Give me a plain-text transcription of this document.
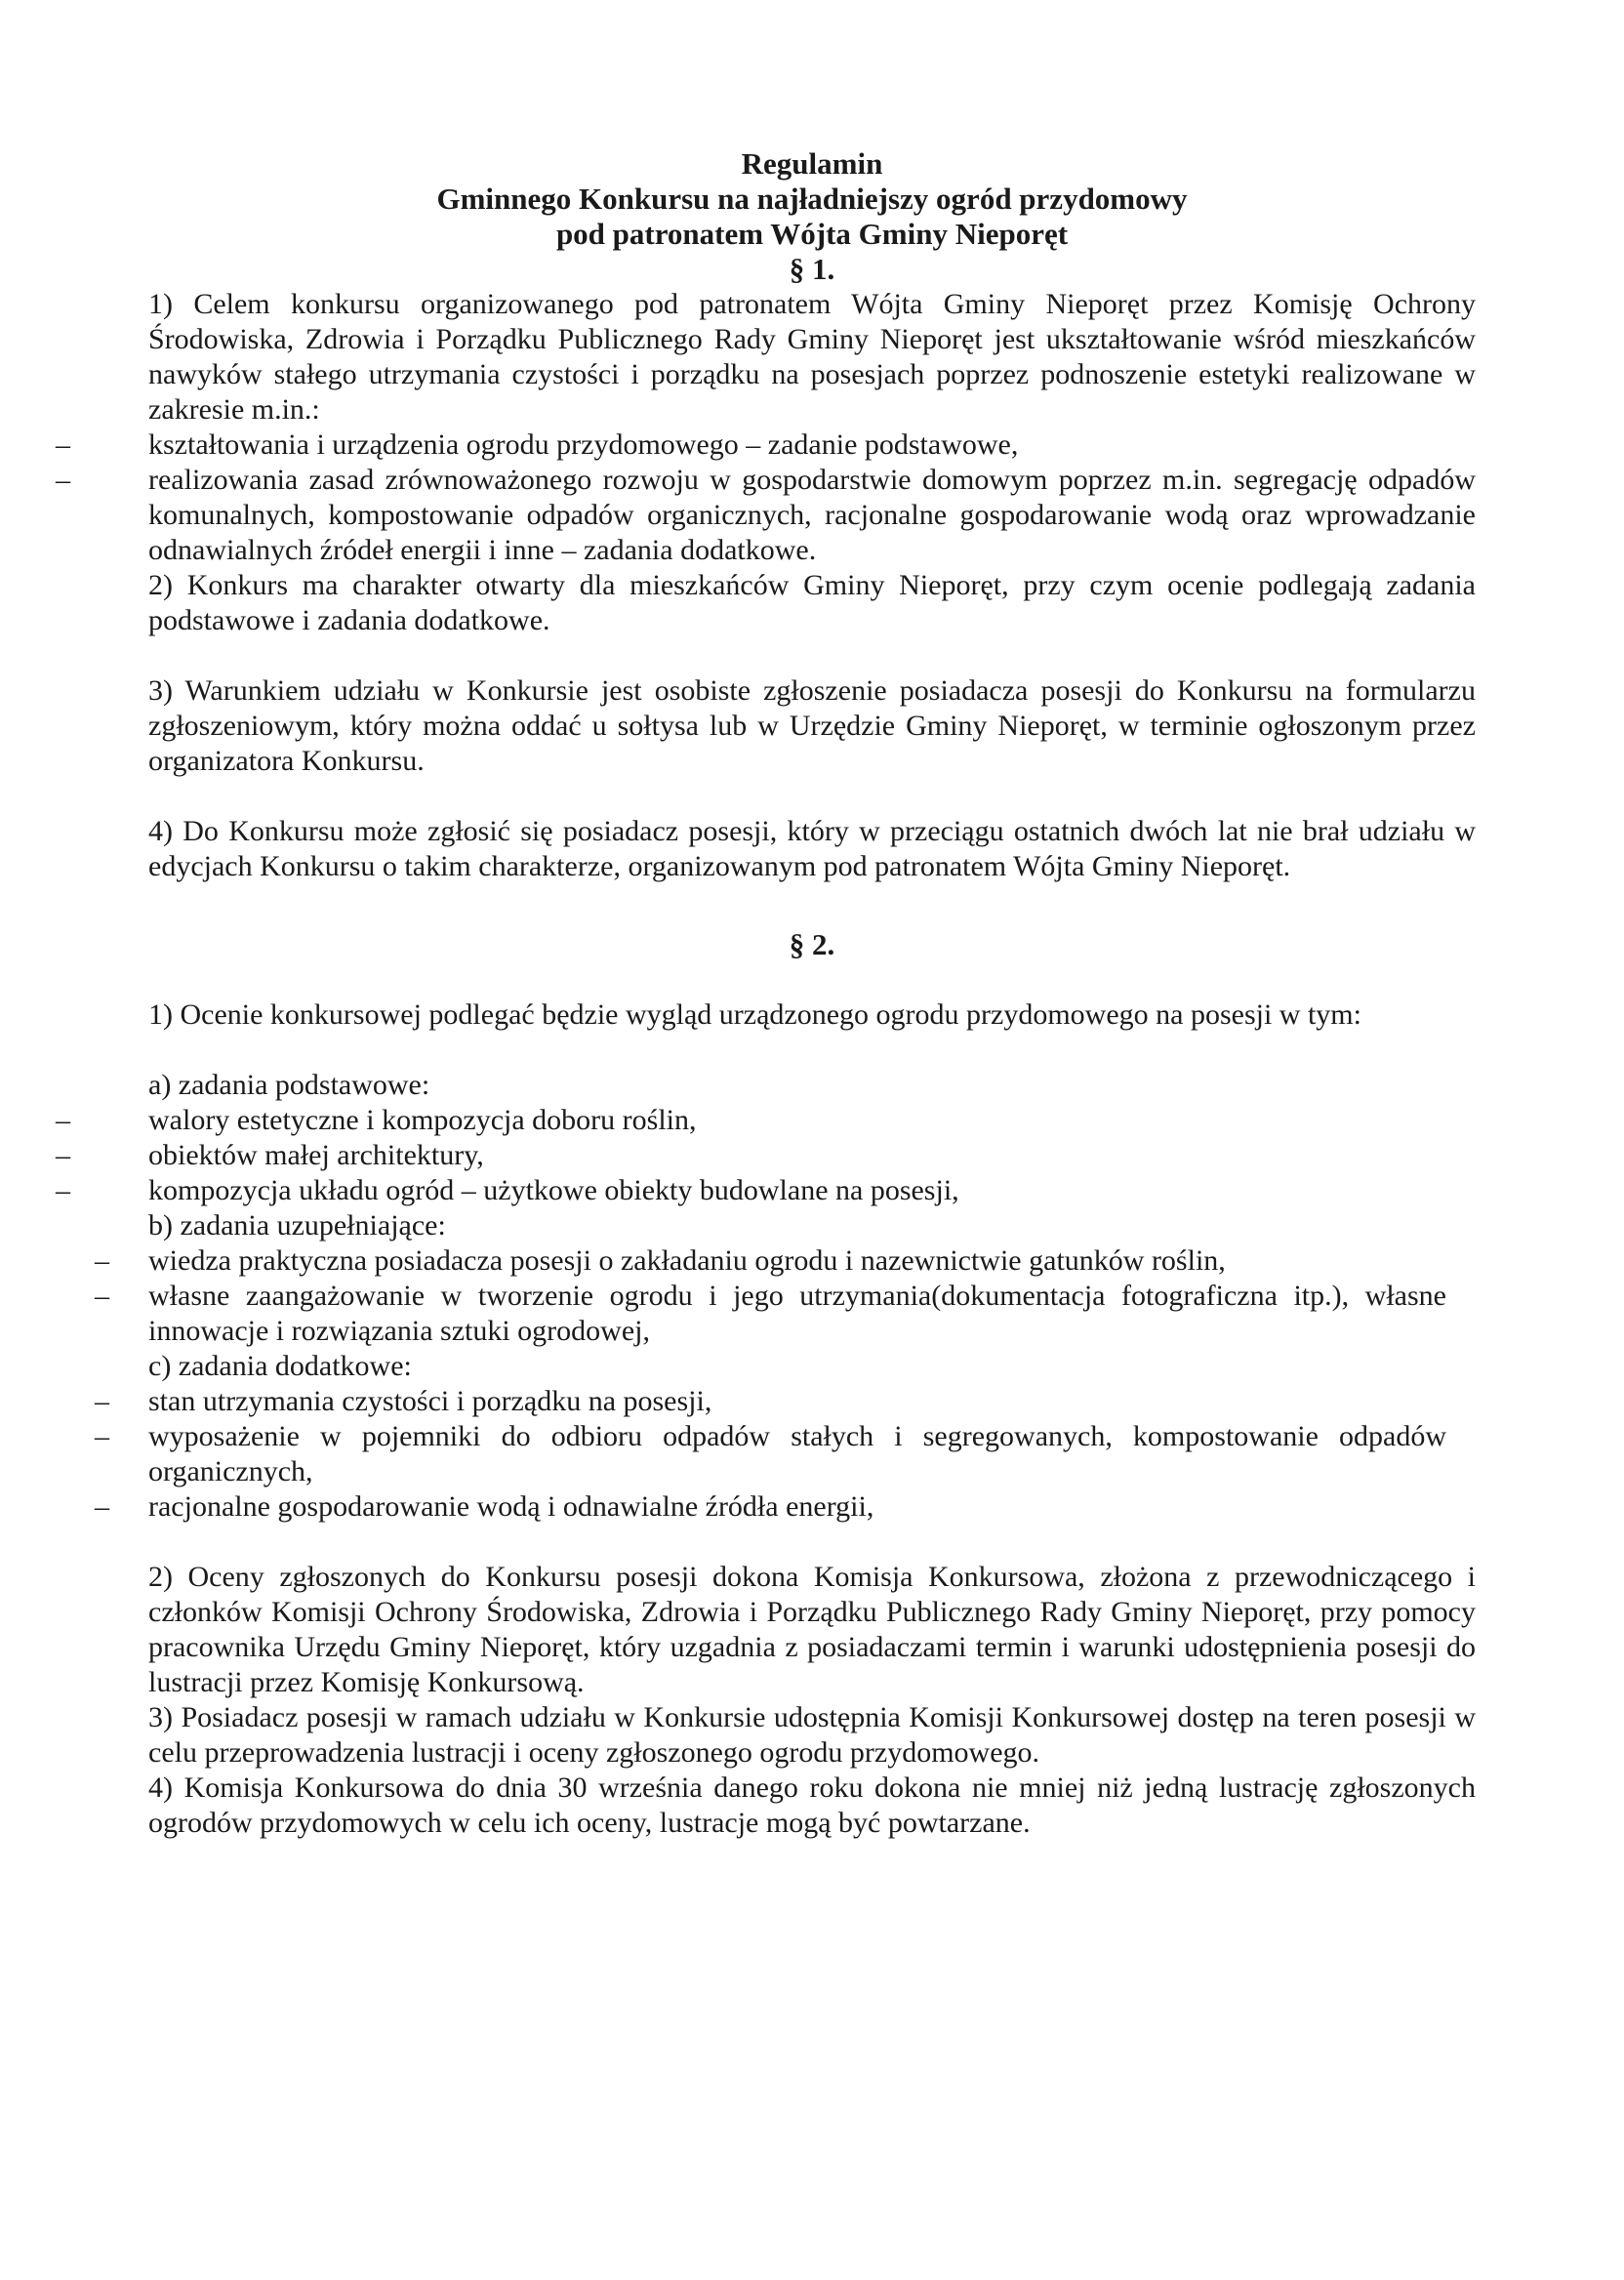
Regulamin
Gminnego Konkursu na najładniejszy ogród przydomowy
pod patronatem Wójta Gminy Nieporęt
§ 1.

1) Celem konkursu organizowanego pod patronatem Wójta Gminy Nieporęt przez Komisję Ochrony Środowiska, Zdrowia i Porządku Publicznego Rady Gminy Nieporęt jest ukształtowanie wśród mieszkańców nawyków stałego utrzymania czystości i porządku na posesjach poprzez podnoszenie estetyki realizowane w zakresie m.in.:

– kształtowania i urządzenia ogrodu przydomowego – zadanie podstawowe,
– realizowania zasad zrównoważonego rozwoju w gospodarstwie domowym poprzez m.in. segregację odpadów komunalnych, kompostowanie odpadów organicznych, racjonalne gospodarowanie wodą oraz wprowadzanie odnawialnych źródeł energii i inne – zadania dodatkowe.

2) Konkurs ma charakter otwarty dla mieszkańców Gminy Nieporęt, przy czym ocenie podlegają zadania podstawowe i zadania dodatkowe.

3) Warunkiem udziału w Konkursie jest osobiste zgłoszenie posiadacza posesji do Konkursu na formularzu zgłoszeniowym, który można oddać u sołtysa lub w Urzędzie Gminy Nieporęt, w terminie ogłoszonym przez organizatora Konkursu.

4) Do Konkursu może zgłosić się posiadacz posesji, który w przeciągu ostatnich dwóch lat nie brał udziału w edycjach Konkursu o takim charakterze, organizowanym pod patronatem Wójta Gminy Nieporęt.

§ 2.

1) Ocenie konkursowej podlegać będzie wygląd urządzonego ogrodu przydomowego na posesji w tym:

a) zadania podstawowe:

– walory estetyczne i kompozycja doboru roślin,
– obiektów małej architektury,
– kompozycja układu ogród – użytkowe obiekty budowlane na posesji,

b) zadania uzupełniające:

– wiedza praktyczna posiadacza posesji o zakładaniu ogrodu i nazewnictwie gatunków roślin,
– własne zaangażowanie w tworzenie ogrodu i jego utrzymania(dokumentacja fotograficzna itp.), własne innowacje i rozwiązania sztuki ogrodowej,

c) zadania dodatkowe:

– stan utrzymania czystości i porządku na posesji,
– wyposażenie w pojemniki do odbioru odpadów stałych i segregowanych, kompostowanie odpadów organicznych,
– racjonalne gospodarowanie wodą i odnawialne źródła energii,

2) Oceny zgłoszonych do Konkursu posesji dokona Komisja Konkursowa, złożona z przewodniczącego i członków Komisji Ochrony Środowiska, Zdrowia i Porządku Publicznego Rady Gminy Nieporęt, przy pomocy pracownika Urzędu Gminy Nieporęt, który uzgadnia z posiadaczami termin i warunki udostępnienia posesji do lustracji przez Komisję Konkursową.

3) Posiadacz posesji w ramach udziału w Konkursie udostępnia Komisji Konkursowej dostęp na teren posesji w celu przeprowadzenia lustracji i oceny zgłoszonego ogrodu przydomowego.

4) Komisja Konkursowa do dnia 30 września danego roku dokona nie mniej niż jedną lustrację zgłoszonych ogrodów przydomowych w celu ich oceny, lustracje mogą być powtarzane.
